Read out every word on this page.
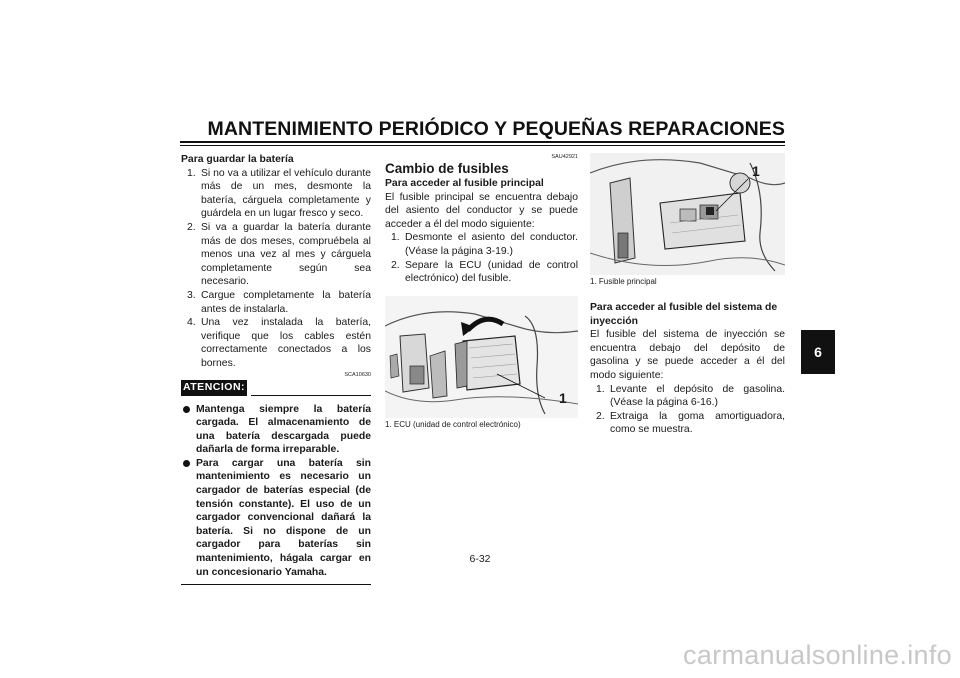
MANTENIMIENTO PERIÓDICO Y PEQUEÑAS REPARACIONES
6

Para guardar la batería

1. Si no va a utilizar el vehículo durante más de un mes, desmonte la batería, cárguela completamente y guárdela en un lugar fresco y seco.
2. Si va a guardar la batería durante más de dos meses, compruébela al menos una vez al mes y cárguela completamente según sea necesario.
3. Cargue completamente la batería antes de instalarla.
4. Una vez instalada la batería, verifique que los cables estén correctamente conectados a los bornes.
SCA10630
ATENCION:
Mantenga siempre la batería cargada. El almacenamiento de una batería descargada puede dañarla de forma irreparable.
Para cargar una batería sin mantenimiento es necesario un cargador de baterías especial (de tensión constante). El uso de un cargador convencional dañará la batería. Si no dispone de un cargador para baterías sin mantenimiento, hágala cargar en un concesionario Yamaha.
SAU42921

Cambio de fusibles

Para acceder al fusible principal

El fusible principal se encuentra debajo del asiento del conductor y se puede acceder a él del modo siguiente:

1. Desmonte el asiento del conductor. (Véase la página 3-19.)
2. Separe la ECU (unidad de control electrónico) del fusible.
1
1. ECU (unidad de control electrónico)
1
1. Fusible principal

Para acceder al fusible del sistema de inyección

El fusible del sistema de inyección se encuentra debajo del depósito de gasolina y se puede acceder a él del modo siguiente:

1. Levante el depósito de gasolina. (Véase la página 6-16.)
2. Extraiga la goma amortiguadora, como se muestra.
6-32
carmanualsonline.info
